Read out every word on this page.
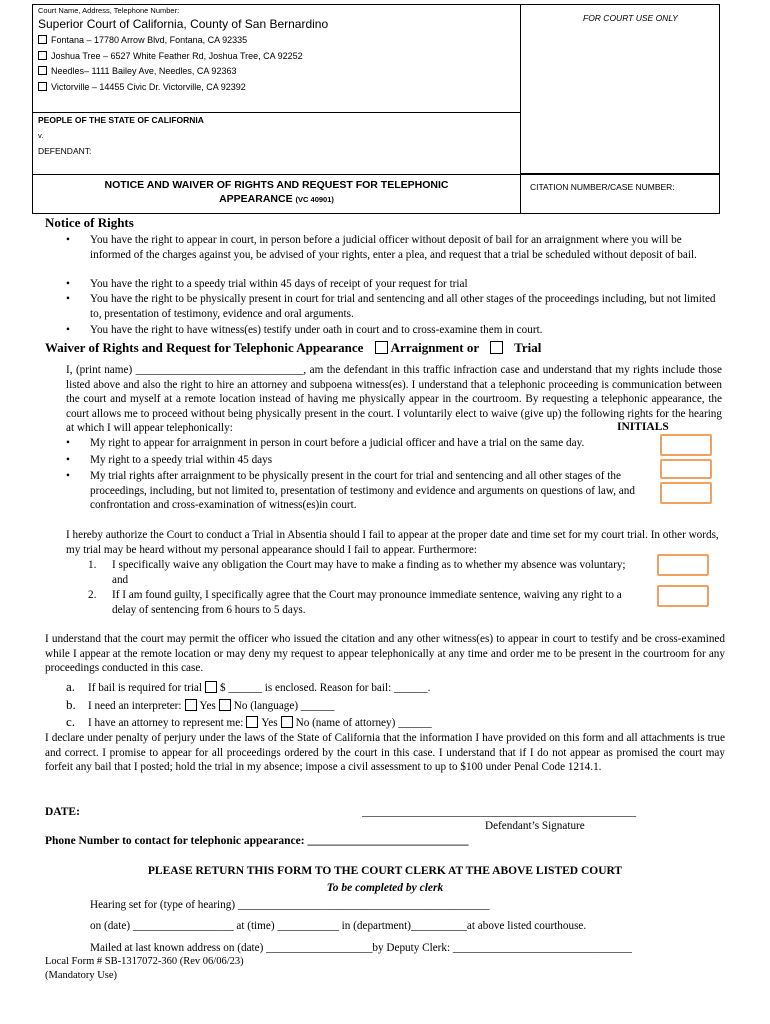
Court Name, Address, Telephone Number:
Superior Court of California, County of San Bernardino	FOR COURT USE ONLY
Fontana – 17780 Arrow Blvd, Fontana, CA 92335
Joshua Tree – 6527 White Feather Rd, Joshua Tree, CA 92252
Needles– 1111 Bailey Ave, Needles, CA 92363
Victorville – 14455 Civic Dr. Victorville, CA 92392
PEOPLE OF THE STATE OF CALIFORNIA
v.
DEFENDANT:
NOTICE AND WAIVER OF RIGHTS AND REQUEST FOR TELEPHONIC
APPEARANCE (VC 40901)
CITATION NUMBER/CASE NUMBER:
Notice of Rights
• You have the right to appear in court, in person before a judicial officer without deposit of bail for an arraignment where you will be informed of the charges against you, be advised of your rights, enter a plea, and request that a trial be scheduled without deposit of bail.
• You have the right to a speedy trial within 45 days of receipt of your request for trial
• You have the right to be physically present in court for trial and sentencing and all other stages of the proceedings including, but not limited to, presentation of testimony, evidence and oral arguments.
• You have the right to have witness(es) testify under oath in court and to cross-examine them in court.
Waiver of Rights and Request for Telephonic Appearance Arraignment or	Trial
I, (print name) ______________________________, am the defendant in this traffic infraction case and understand that my rights include those listed above and also the right to hire an attorney and subpoena witness(es). I understand that a telephonic proceeding is communication between the court and myself at a remote location instead of having me physically appear in the courtroom. By requesting a telephonic appearance, the court allows me to proceed without being physically present in the court. I voluntarily elect to waive (give up) the following rights for the hearing at which I will appear telephonically:	INITIALS
• My right to appear for arraignment in person in court before a judicial officer and have a trial on the same day.
• My right to a speedy trial within 45 days
• My trial rights after arraignment to be physically present in the court for trial and sentencing and all other stages of the proceedings, including, but not limited to, presentation of testimony and evidence and arguments on questions of law, and confrontation and cross-examination of witness(es)in court.
I hereby authorize the Court to conduct a Trial in Absentia should I fail to appear at the proper date and time set for my court trial. In other words, my trial may be heard without my personal appearance should I fail to appear. Furthermore:
1. I specifically waive any obligation the Court may have to make a finding as to whether my absence was voluntary; and
2. If I am found guilty, I specifically agree that the Court may pronounce immediate sentence, waiving any right to a delay of sentencing from 6 hours to 5 days.
I understand that the court may permit the officer who issued the citation and any other witness(es) to appear in court to testify and be cross-examined while I appear at the remote location or may deny my request to appear telephonically at any time and order me to be present in the courtroom for any proceedings conducted in this case.
a. If bail is required for trial $ ______ is enclosed. Reason for bail: ______.
b. I need an interpreter: Yes No (language) ______
c. I have an attorney to represent me: Yes No (name of attorney) ______
I declare under penalty of perjury under the laws of the State of California that the information I have provided on this form and all attachments is true and correct. I promise to appear for all proceedings ordered by the court in this case. I understand that if I do not appear as promised the court may forfeit any bail that I posted; hold the trial in my absence; impose a civil assessment to up to $100 under Penal Code 1214.1.
DATE:	_________________________________________________
Defendant’s Signature
Phone Number to contact for telephonic appearance: ____________________________
PLEASE RETURN THIS FORM TO THE COURT CLERK AT THE ABOVE LISTED COURT
To be completed by clerk
Hearing set for (type of hearing) _____________________________________________
on (date) __________________ at (time) ___________ in (department)__________at above listed courthouse.
Mailed at last known address on (date) ___________________by Deputy Clerk: ________________________________
Local Form # SB-1317072-360 (Rev 06/06/23)
(Mandatory Use)
